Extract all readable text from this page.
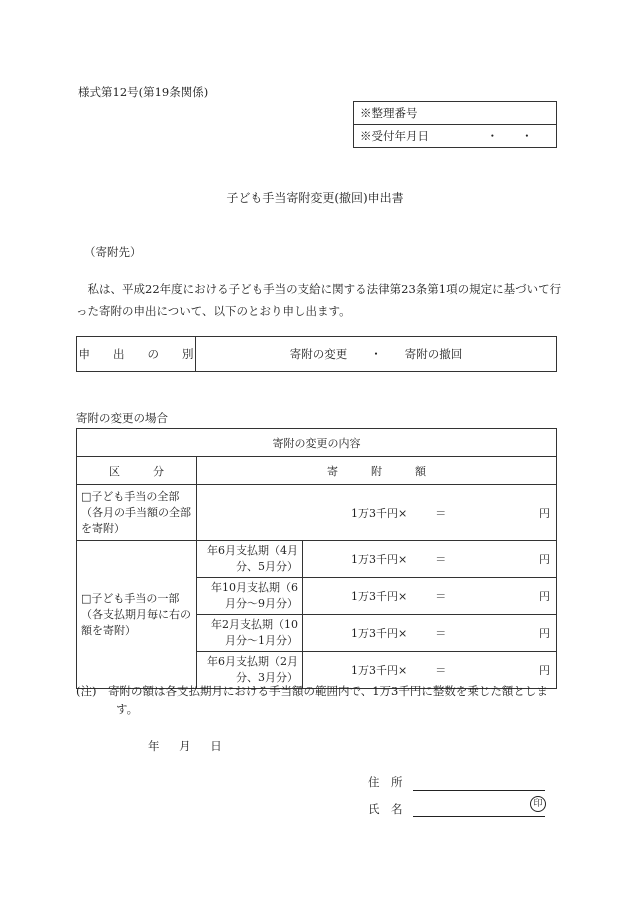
様式第12号(第19条関係)
※整理番号
※受付年月日	・　　・
子ども手当寄附変更(撤回)申出書
（寄附先）
私は、平成22年度における子ども手当の支給に関する法律第23条第1項の規定に基づいて行った寄附の申出について、以下のとおり申し出ます。
申　　出　　の　　別	寄附の変更　　・　　寄附の撤回
寄附の変更の場合
寄附の変更の内容		
区　　　分	寄　　　附　　　額	
□子ども手当の全部（各月の手当額の全部を寄附）	1万3千円× ＝ 円	

□子ども手当の一部（各支払期月毎に右の額を寄附）	年6月支払期（4月分、5月分）	1万3千円× ＝ 円

	年10月支払期（6月分～9月分）	1万3千円× ＝ 円

	年2月支払期（10月分～1月分）	1万3千円× ＝ 円

	年6月支払期（2月分、3月分）	1万3千円× ＝ 円
(注)　寄附の額は各支払期月における手当額の範囲内で、1万3千円に整数を乗じた額とします。
年 月 日
住　所
氏　名	印
